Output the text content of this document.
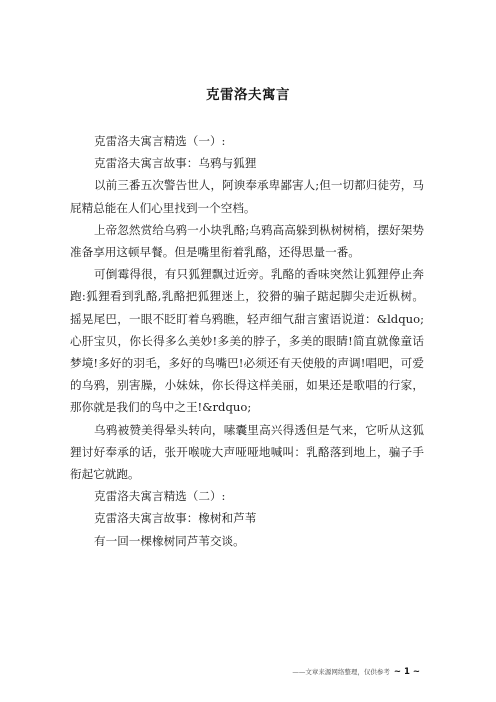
克雷洛夫寓言

克雷洛夫寓言精选（一）:

克雷洛夫寓言故事：乌鸦与狐狸

以前三番五次警告世人，阿谀奉承卑鄙害人;但一切都归徒劳，马屁精总能在人们心里找到一个空档。

上帝忽然赏给乌鸦一小块乳酪;乌鸦高高躲到枞树树梢，摆好架势准备享用这顿早餐。但是嘴里衔着乳酪，还得思量一番。

可倒霉得很，有只狐狸飘过近旁。乳酪的香味突然让狐狸停止奔跑:狐狸看到乳酪,乳酪把狐狸迷上，狡猾的骗子踮起脚尖走近枞树。摇晃尾巴，一眼不眨盯着乌鸦瞧，轻声细气甜言蜜语说道：&ldquo;心肝宝贝，你长得多么美妙!多美的脖子，多美的眼睛!简直就像童话梦境!多好的羽毛，多好的鸟嘴巴!必须还有天使般的声调!唱吧，可爱的乌鸦，别害臊，小妹妹，你长得这样美丽，如果还是歌唱的行家，那你就是我们的鸟中之王!&rdquo;

乌鸦被赞美得晕头转向，嗉囊里高兴得透但是气来，它听从这狐狸讨好奉承的话，张开喉咙大声哑哑地喊叫：乳酪落到地上，骗子手衔起它就跑。

克雷洛夫寓言精选（二）:

克雷洛夫寓言故事：橡树和芦苇

有一回一棵橡树同芦苇交谈。

——文章来源网络整理，仅供参考 ~ 1 ~
